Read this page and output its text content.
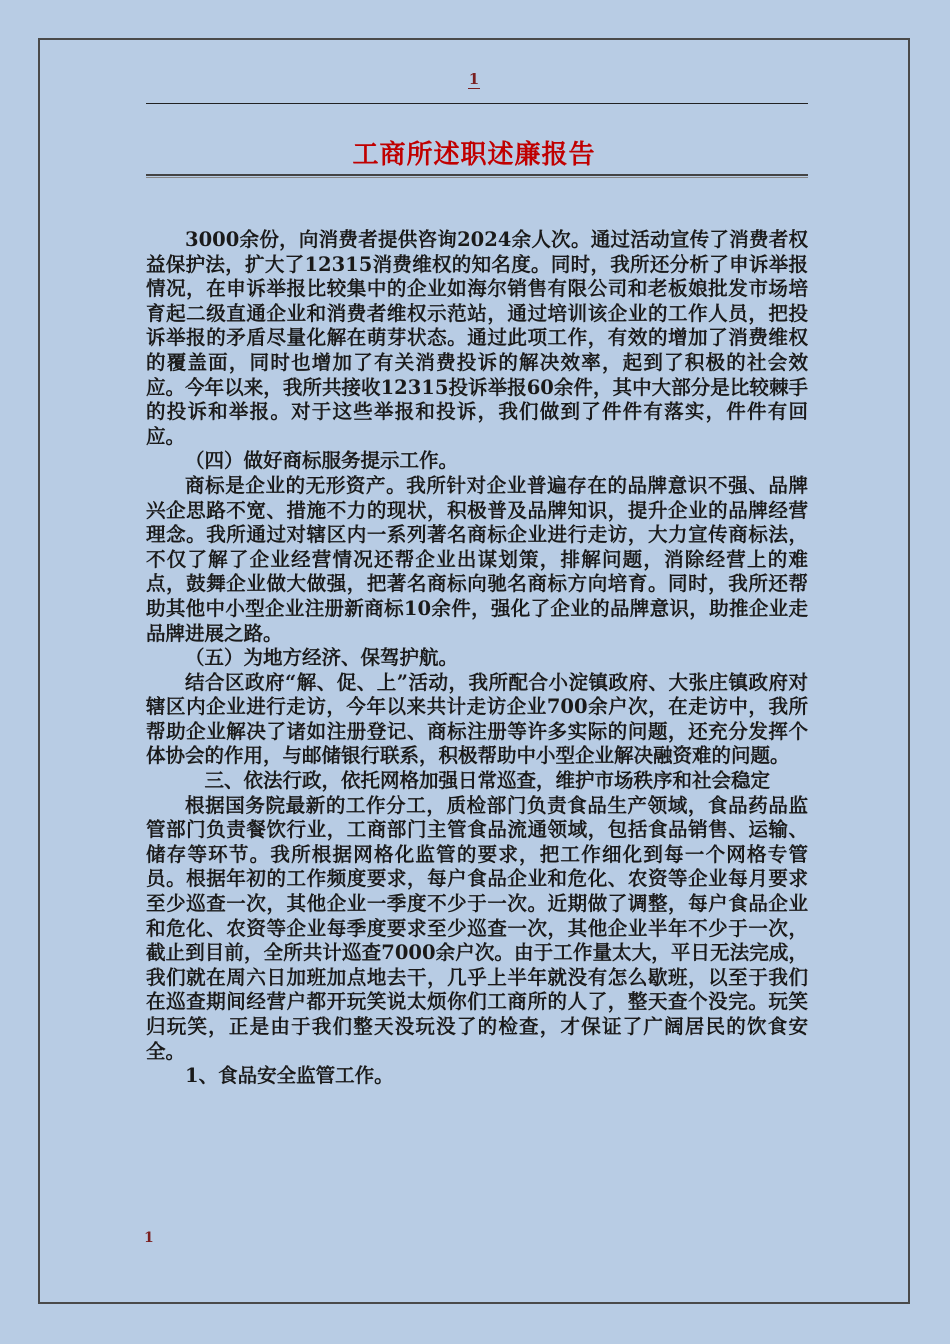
1
工商所述职述廉报告

3000余份，向消费者提供咨询2024余人次。通过活动宣传了消费者权益保护法，扩大了12315消费维权的知名度。同时，我所还分析了申诉举报情况，在申诉举报比较集中的企业如海尔销售有限公司和老板娘批发市场培育起二级直通企业和消费者维权示范站，通过培训该企业的工作人员，把投诉举报的矛盾尽量化解在萌芽状态。通过此项工作，有效的增加了消费维权的覆盖面，同时也增加了有关消费投诉的解决效率，起到了积极的社会效应。今年以来，我所共接收12315投诉举报60余件，其中大部分是比较棘手的投诉和举报。对于这些举报和投诉，我们做到了件件有落实，件件有回应。

（四）做好商标服务提示工作。

商标是企业的无形资产。我所针对企业普遍存在的品牌意识不强、品牌兴企思路不宽、措施不力的现状，积极普及品牌知识，提升企业的品牌经营理念。我所通过对辖区内一系列著名商标企业进行走访，大力宣传商标法，不仅了解了企业经营情况还帮企业出谋划策，排解问题，消除经营上的难点，鼓舞企业做大做强，把著名商标向驰名商标方向培育。同时，我所还帮助其他中小型企业注册新商标10余件，强化了企业的品牌意识，助推企业走品牌进展之路。

（五）为地方经济、保驾护航。

结合区政府“解、促、上”活动，我所配合小淀镇政府、大张庄镇政府对辖区内企业进行走访，今年以来共计走访企业700余户次，在走访中，我所帮助企业解决了诸如注册登记、商标注册等许多实际的问题，还充分发挥个体协会的作用，与邮储银行联系，积极帮助中小型企业解决融资难的问题。

三、依法行政，依托网格加强日常巡查，维护市场秩序和社会稳定

根据国务院最新的工作分工，质检部门负责食品生产领域，食品药品监管部门负责餐饮行业，工商部门主管食品流通领域，包括食品销售、运输、储存等环节。我所根据网格化监管的要求，把工作细化到每一个网格专管员。根据年初的工作频度要求，每户食品企业和危化、农资等企业每月要求至少巡查一次，其他企业一季度不少于一次。近期做了调整，每户食品企业和危化、农资等企业每季度要求至少巡查一次，其他企业半年不少于一次，截止到目前，全所共计巡查7000余户次。由于工作量太大，平日无法完成，我们就在周六日加班加点地去干，几乎上半年就没有怎么歇班，以至于我们在巡查期间经营户都开玩笑说太烦你们工商所的人了，整天查个没完。玩笑归玩笑，正是由于我们整天没玩没了的检查，才保证了广阔居民的饮食安全。

1、食品安全监管工作。

1
